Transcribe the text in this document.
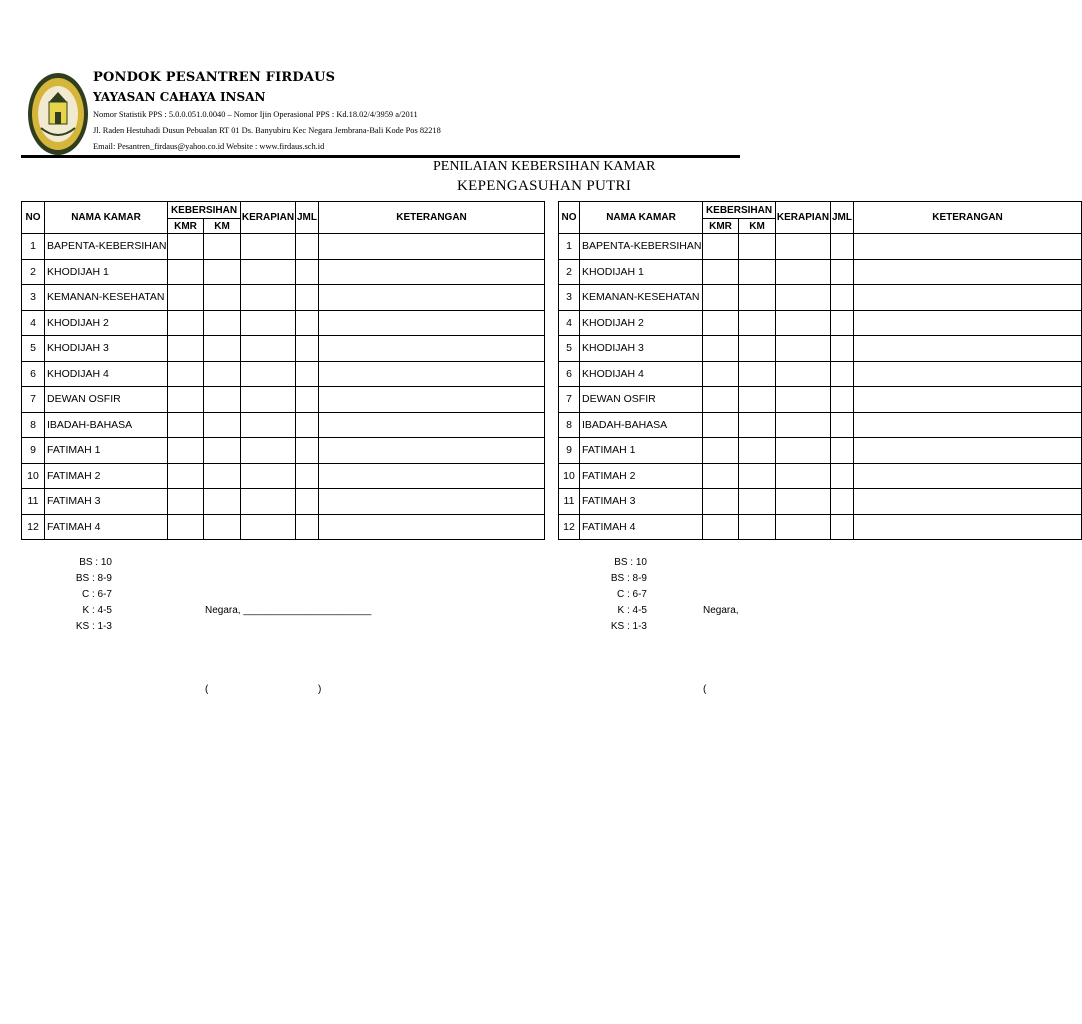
PONDOK PESANTREN FIRDAUS
YAYASAN CAHAYA INSAN
Nomor Statistik PPS : 5.0.0.051.0.0040 – Nomor Ijin Operasional PPS : Kd.18.02/4/3959 a/2011
Jl. Raden Hestuhadi Dusun Pebualan RT 01 Ds. Banyubiru Kec Negara Jembrana-Bali Kode Pos 82218
Email: Pesantren_firdaus@yahoo.co.id Website : www.firdaus.sch.id
PENILAIAN KEBERSIHAN KAMAR
KEPENGASUHAN PUTRI
NO	NAMA KAMAR	KEBERSIHAN		KERAPIAN	JML	KETERANGAN
		KMR	KM			
1	BAPENTA-KEBERSIHAN					
2	KHODIJAH 1					
3	KEMANAN-KESEHATAN					
4	KHODIJAH 2					
5	KHODIJAH 3					
6	KHODIJAH 4					
7	DEWAN OSFIR					
8	IBADAH-BAHASA					
9	FATIMAH 1					
10	FATIMAH 2					
11	FATIMAH 3					
12	FATIMAH 4					
NO	NAMA KAMAR	KEBERSIHAN		KERAPIAN	JML	KETERANGAN
		KMR	KM			
1	BAPENTA-KEBERSIHAN					
2	KHODIJAH 1					
3	KEMANAN-KESEHATAN					
4	KHODIJAH 2					
5	KHODIJAH 3					
6	KHODIJAH 4					
7	DEWAN OSFIR					
8	IBADAH-BAHASA					
9	FATIMAH 1					
10	FATIMAH 2					
11	FATIMAH 3					
12	FATIMAH 4					
BS : 10
BS : 8-9
C : 6-7
K : 4-5
KS : 1-3
BS : 10
BS : 8-9
C : 6-7
K : 4-5
KS : 1-3
Negara, _______________________	Negara,
(	)	(
